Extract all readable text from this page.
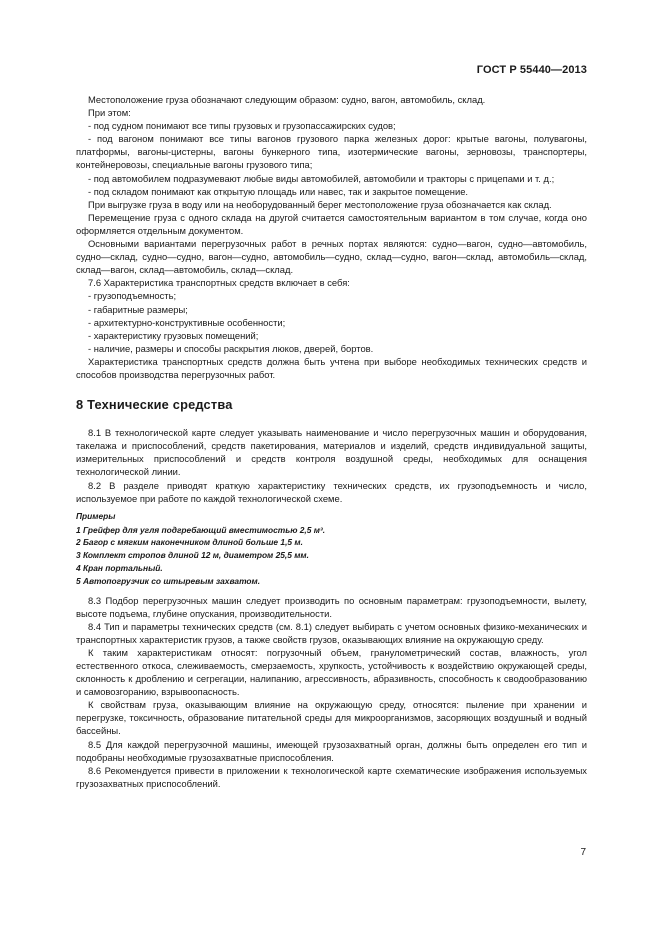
ГОСТ Р 55440—2013

Местоположение груза обозначают следующим образом: судно, вагон, автомобиль, склад.

При этом:

- под судном понимают все типы грузовых и грузопассажирских судов;

- под вагоном понимают все типы вагонов грузового парка железных дорог: крытые вагоны, полувагоны, платформы, вагоны-цистерны, вагоны бункерного типа, изотермические вагоны, зерновозы, транспортеры, контейнеровозы, специальные вагоны грузового типа;

- под автомобилем подразумевают любые виды автомобилей, автомобили и тракторы с прицепами и т. д.;

- под складом понимают как открытую площадь или навес, так и закрытое помещение.

При выгрузке груза в воду или на необорудованный берег местоположение груза обозначается как склад.

Перемещение груза с одного склада на другой считается самостоятельным вариантом в том случае, когда оно оформляется отдельным документом.

Основными вариантами перегрузочных работ в речных портах являются: судно—вагон, судно—автомобиль, судно—склад, судно—судно, вагон—судно, автомобиль—судно, склад—судно, вагон—склад, автомобиль—склад, склад—вагон, склад—автомобиль, склад—склад.

7.6 Характеристика транспортных средств включает в себя:

- грузоподъемность;

- габаритные размеры;

- архитектурно-конструктивные особенности;

- характеристику грузовых помещений;

- наличие, размеры и способы раскрытия люков, дверей, бортов.

Характеристика транспортных средств должна быть учтена при выборе необходимых технических средств и способов производства перегрузочных работ.

8 Технические средства

8.1 В технологической карте следует указывать наименование и число перегрузочных машин и оборудования, такелажа и приспособлений, средств пакетирования, материалов и изделий, средств индивидуальной защиты, измерительных приспособлений и средств контроля воздушной среды, необходимых для оснащения технологической линии.

8.2 В разделе приводят краткую характеристику технических средств, их грузоподъемность и число, используемое при работе по каждой технологической схеме.

Примеры
1 Грейфер для угля подгребающий вместимостью 2,5 м³.
2 Багор с мягким наконечником длиной больше 1,5 м.
3 Комплект стропов длиной 12 м, диаметром 25,5 мм.
4 Кран портальный.
5 Автопогрузчик со штыревым захватом.

8.3 Подбор перегрузочных машин следует производить по основным параметрам: грузоподъемности, вылету, высоте подъема, глубине опускания, производительности.

8.4 Тип и параметры технических средств (см. 8.1) следует выбирать с учетом основных физико-механических и транспортных характеристик грузов, а также свойств грузов, оказывающих влияние на окружающую среду.

К таким характеристикам относят: погрузочный объем, гранулометрический состав, влажность, угол естественного откоса, слеживаемость, смерзаемость, хрупкость, устойчивость к воздействию окружающей среды, склонность к дроблению и сегрегации, налипанию, агрессивность, абразивность, способность к сводообразованию и самовозгоранию, взрывоопасность.

К свойствам груза, оказывающим влияние на окружающую среду, относятся: пыление при хранении и перегрузке, токсичность, образование питательной среды для микроорганизмов, засоряющих воздушный и водный бассейны.

8.5 Для каждой перегрузочной машины, имеющей грузозахватный орган, должны быть определен его тип и подобраны необходимые грузозахватные приспособления.

8.6 Рекомендуется привести в приложении к технологической карте схематические изображения используемых грузозахватных приспособлений.

7
